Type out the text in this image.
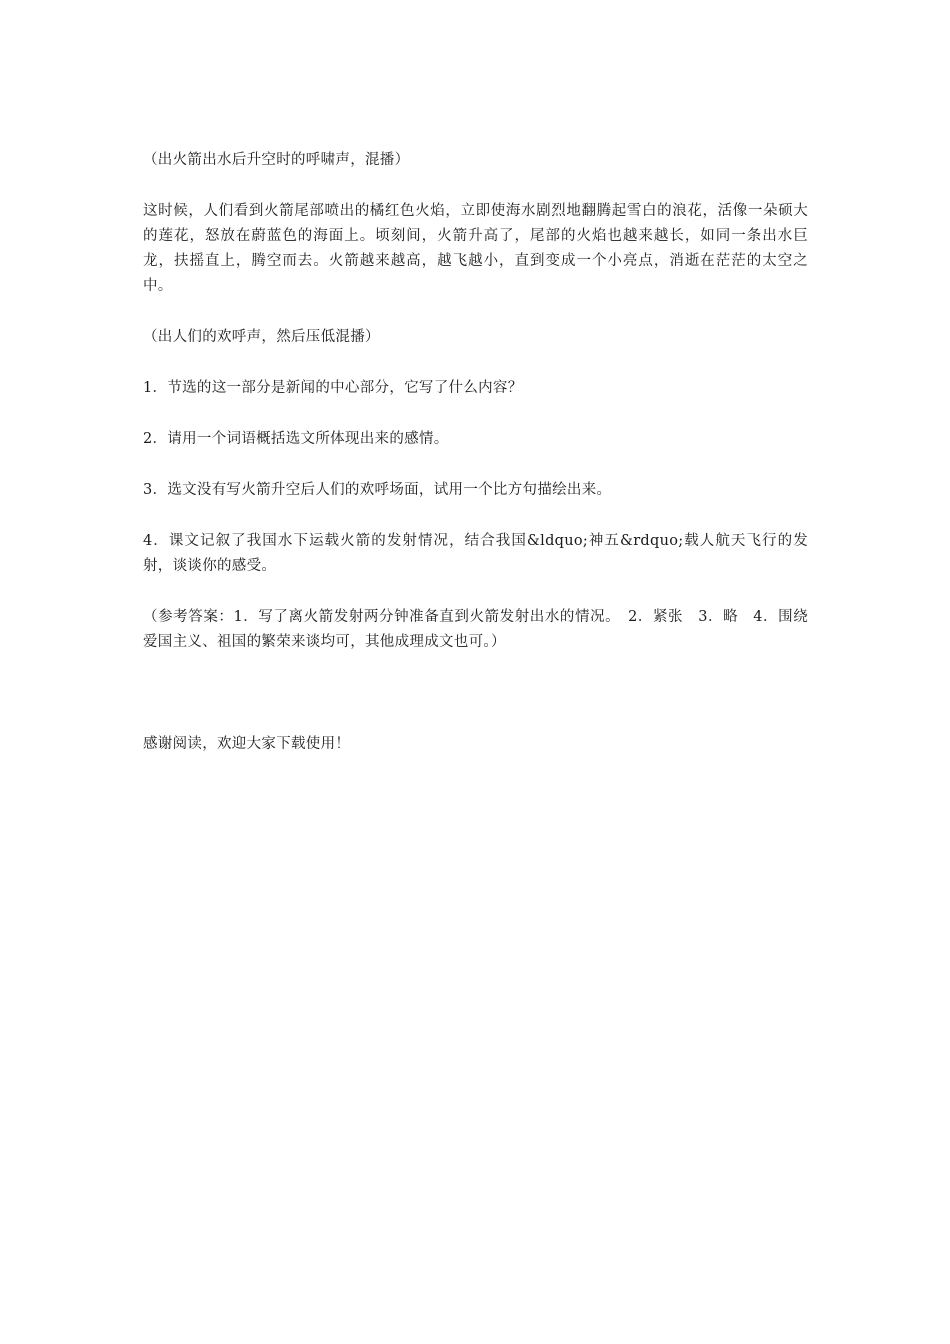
（出火箭出水后升空时的呼啸声，混播）

这时候，人们看到火箭尾部喷出的橘红色火焰，立即使海水剧烈地翻腾起雪白的浪花，活像一朵硕大的莲花，怒放在蔚蓝色的海面上。顷刻间，火箭升高了，尾部的火焰也越来越长，如同一条出水巨龙，扶摇直上，腾空而去。火箭越来越高，越飞越小，直到变成一个小亮点，消逝在茫茫的太空之中。

（出人们的欢呼声，然后压低混播）

1．节选的这一部分是新闻的中心部分，它写了什么内容？

2．请用一个词语概括选文所体现出来的感情。

3．选文没有写火箭升空后人们的欢呼场面，试用一个比方句描绘出来。

4．课文记叙了我国水下运载火箭的发射情况，结合我国&ldquo;神五&rdquo;载人航天飞行的发射，谈谈你的感受。

（参考答案：1．写了离火箭发射两分钟准备直到火箭发射出水的情况。　2．紧张　3．略　4．围绕爱国主义、祖国的繁荣来谈均可，其他成理成文也可。）

感谢阅读，欢迎大家下载使用！
